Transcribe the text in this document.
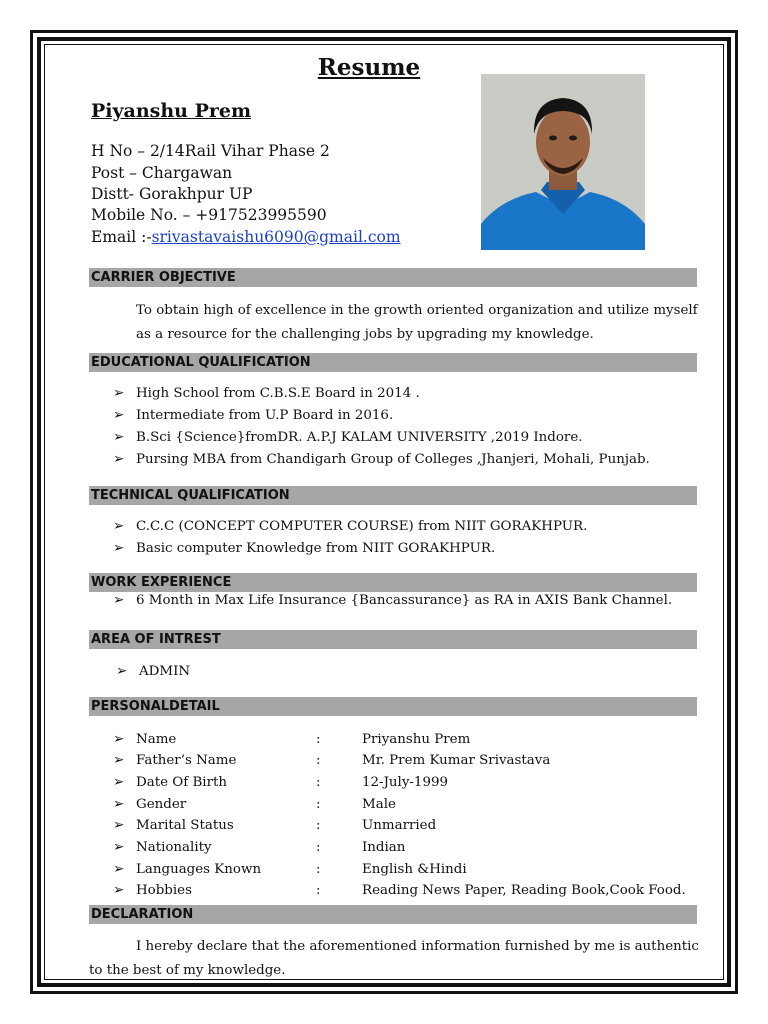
Resume
Piyanshu Prem
H No – 2/14Rail Vihar Phase 2
Post – Chargawan
Distt- Gorakhpur UP
Mobile No. – +917523995590
Email :-srivastavaishu6090@gmail.com
CARRIER OBJECTIVE
To obtain high of excellence in the growth oriented organization and utilize myself as a resource for the challenging jobs by upgrading my knowledge.
EDUCATIONAL QUALIFICATION
➢ High School from C.B.S.E Board in 2014 .
➢ Intermediate from U.P Board in 2016.
➢ B.Sci {Science}fromDR. A.P.J KALAM UNIVERSITY ,2019 Indore.
➢ Pursing MBA from Chandigarh Group of Colleges ,Jhanjeri, Mohali, Punjab.
TECHNICAL QUALIFICATION
➢ C.C.C (CONCEPT COMPUTER COURSE) from NIIT GORAKHPUR.
➢ Basic computer Knowledge from NIIT GORAKHPUR.
WORK EXPERIENCE
➢ 6 Month in Max Life Insurance {Bancassurance} as RA in AXIS Bank Channel.
AREA OF INTREST
➢ ADMIN
PERSONALDETAIL
➢ Name	:	Priyanshu Prem
➢ Father’s Name	:	Mr. Prem Kumar Srivastava
➢ Date Of Birth	:	12-July-1999
➢ Gender	:	Male
➢ Marital Status	:	Unmarried
➢ Nationality	:	Indian
➢ Languages Known	:	English &Hindi
➢ Hobbies	:	Reading News Paper, Reading Book,Cook Food.
DECLARATION
I hereby declare that the aforementioned information furnished by me is authentic to the best of my knowledge.
